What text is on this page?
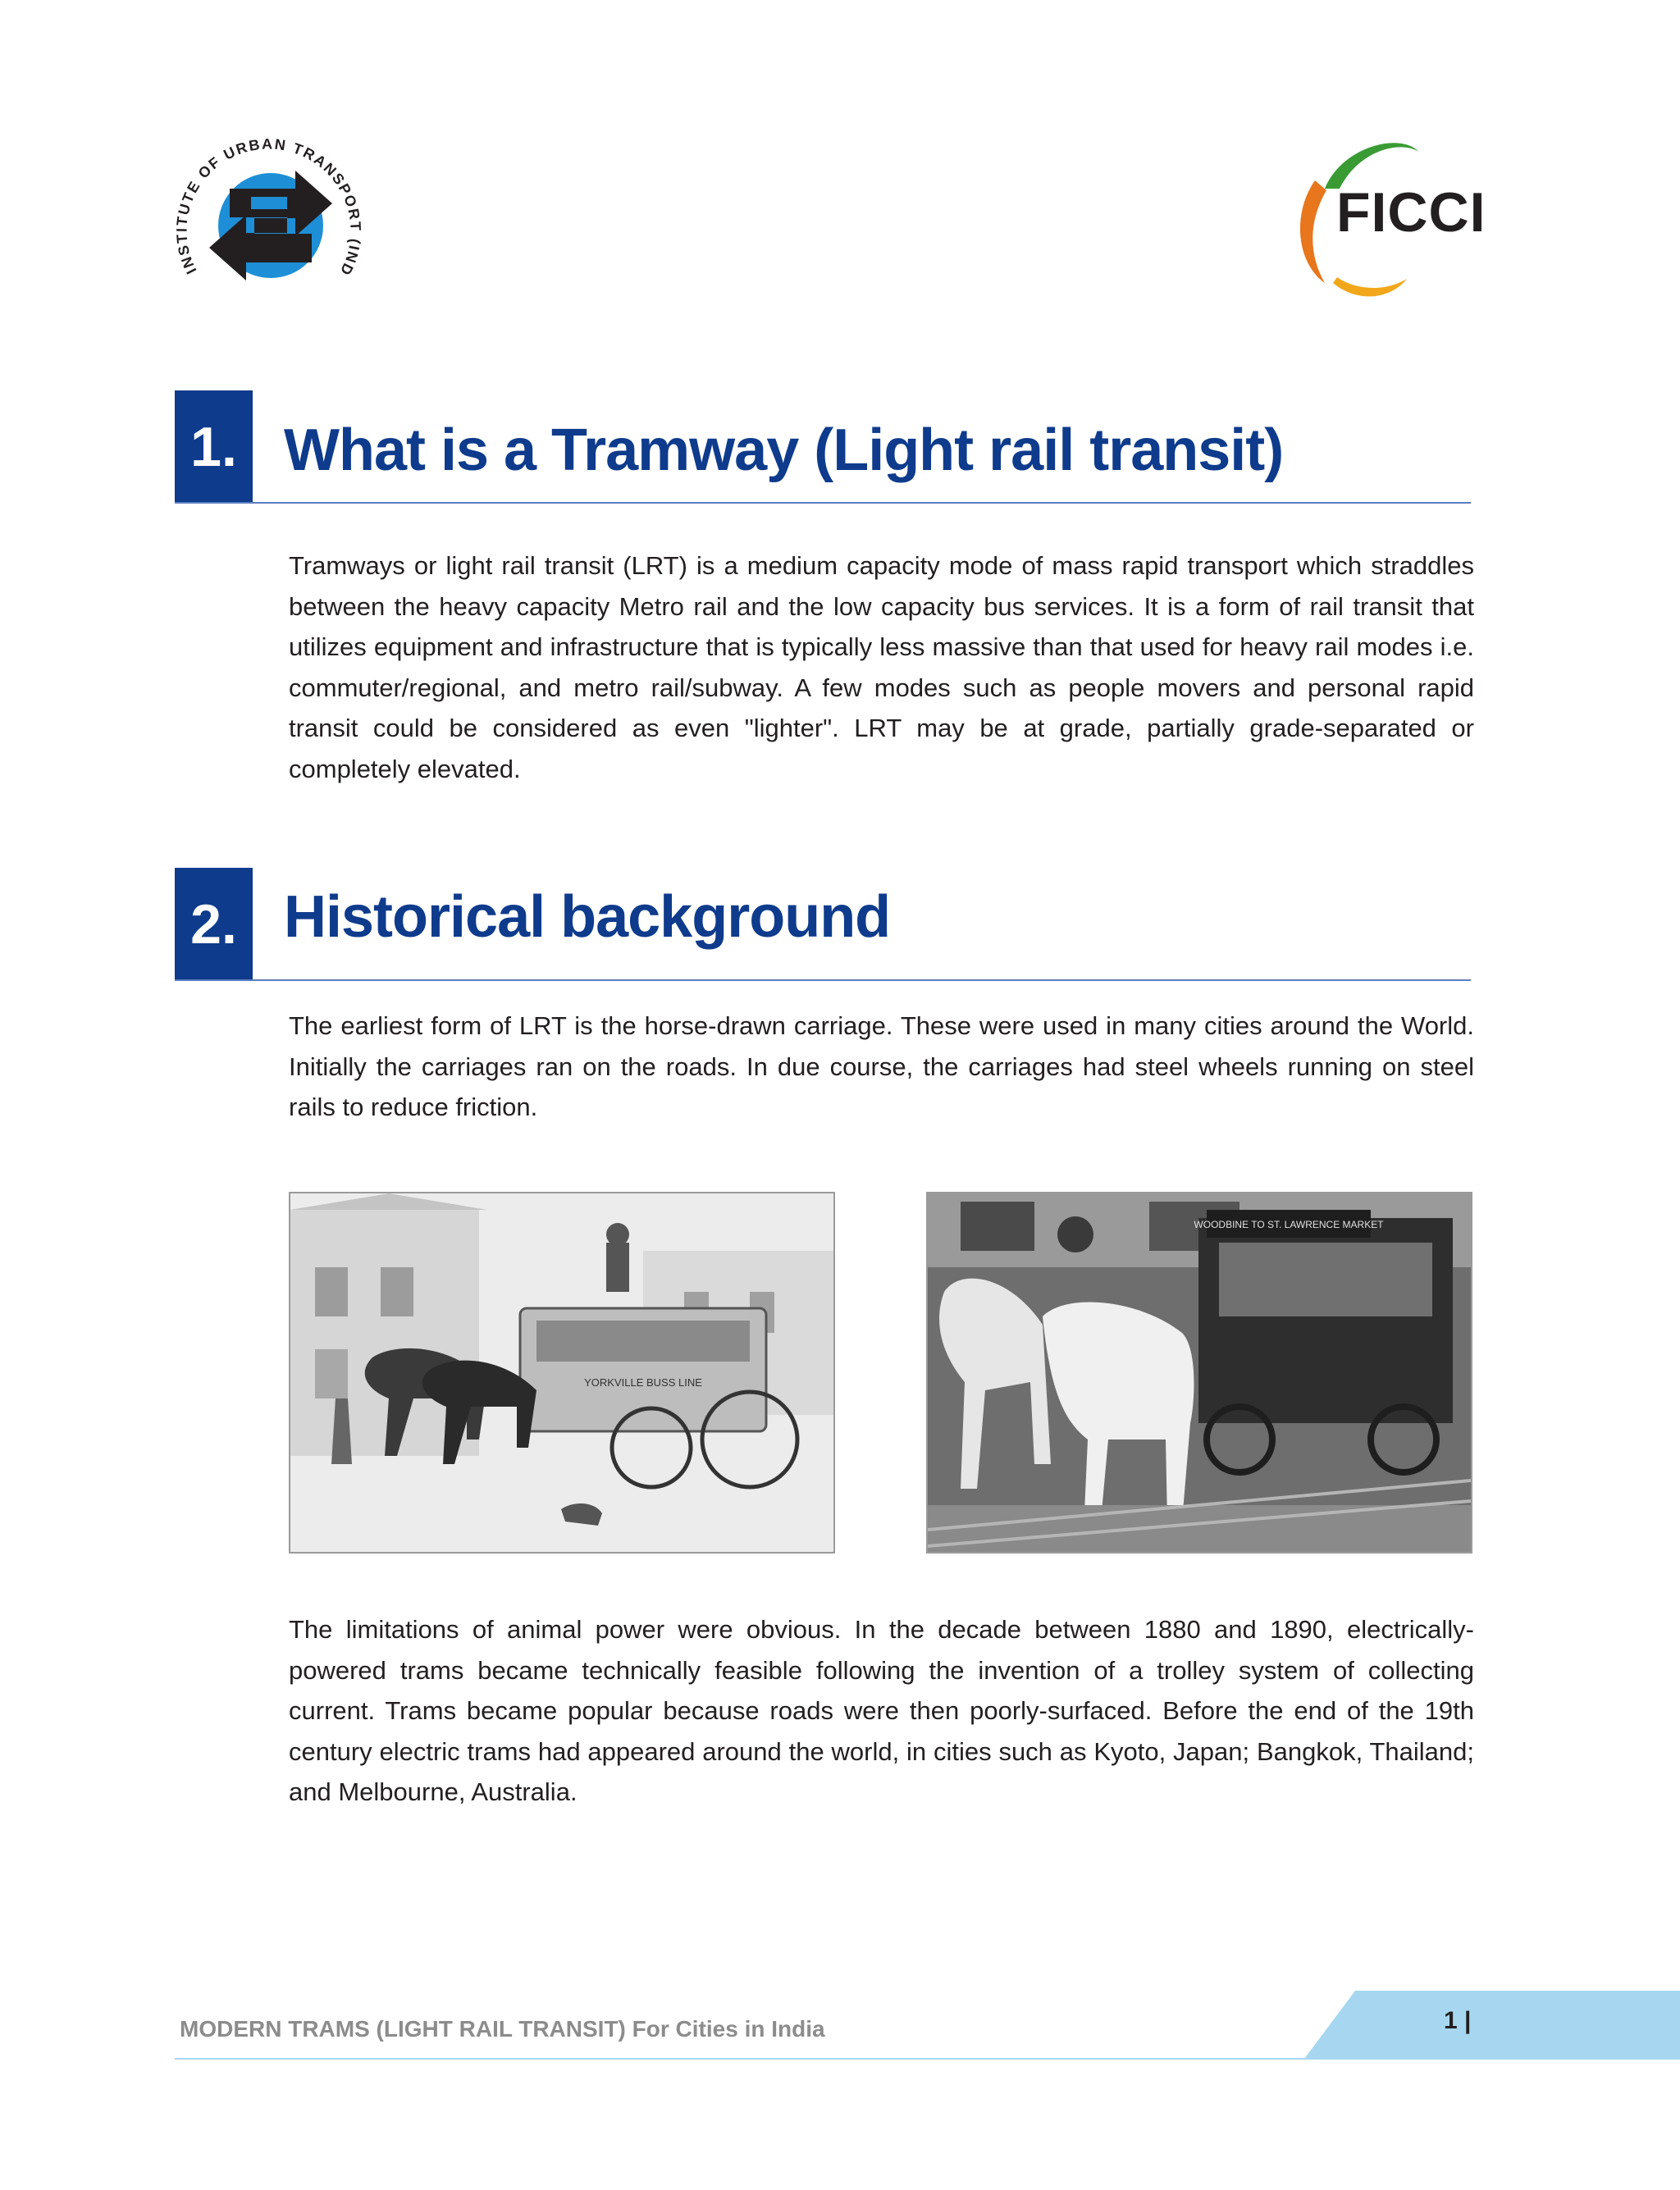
INSTITUTE OF URBAN TRANSPORT (IND
FICCI
1. What is a Tramway (Light rail transit)
Tramways or light rail transit (LRT) is a medium capacity mode of mass rapid transport which straddles between the heavy capacity Metro rail and the low capacity bus services. It is a form of rail transit that utilizes equipment and infrastructure that is typically less massive than that used for heavy rail modes i.e. commuter/regional, and metro rail/subway. A few modes such as people movers and personal rapid transit could be considered as even "lighter". LRT may be at grade, partially grade-separated or completely elevated.
2. Historical background
The earliest form of LRT is the horse-drawn carriage. These were used in many cities around the World. Initially the carriages ran on the roads. In due course, the carriages had steel wheels running on steel rails to reduce friction.
YORKVILLE BUSS LINE
WOODBINE TO ST. LAWRENCE MARKET
The limitations of animal power were obvious. In the decade between 1880 and 1890, electrically-powered trams became technically feasible following the invention of a trolley system of collecting current. Trams became popular because roads were then poorly-surfaced. Before the end of the 19th century electric trams had appeared around the world, in cities such as Kyoto, Japan; Bangkok, Thailand; and Melbourne, Australia.
MODERN TRAMS (LIGHT RAIL TRANSIT) For Cities in India	1 |
